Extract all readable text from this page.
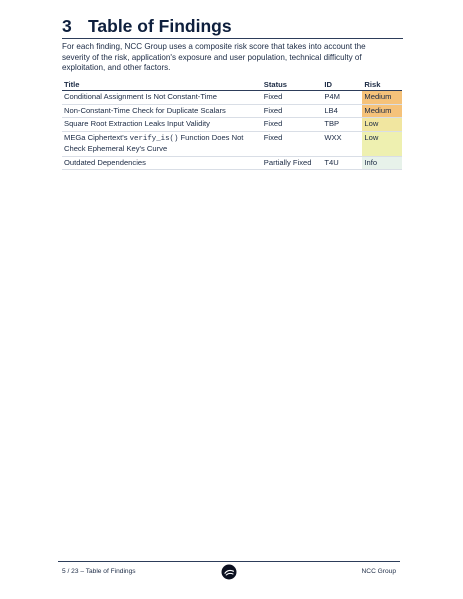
3 Table of Findings
For each finding, NCC Group uses a composite risk score that takes into account the severity of the risk, application's exposure and user population, technical difficulty of exploitation, and other factors.
Title	Status	ID	Risk
Conditional Assignment Is Not Constant-Time	Fixed	P4M	Medium
Non-Constant-Time Check for Duplicate Scalars	Fixed	LB4	Medium
Square Root Extraction Leaks Input Validity	Fixed	TBP	Low
MEGa Ciphertext's verify_is() Function Does Not Check Ephemeral Key's Curve	Fixed	WXX	Low
Outdated Dependencies	Partially Fixed	T4U	Info
5 / 23 – Table of Findings	NCC Group
